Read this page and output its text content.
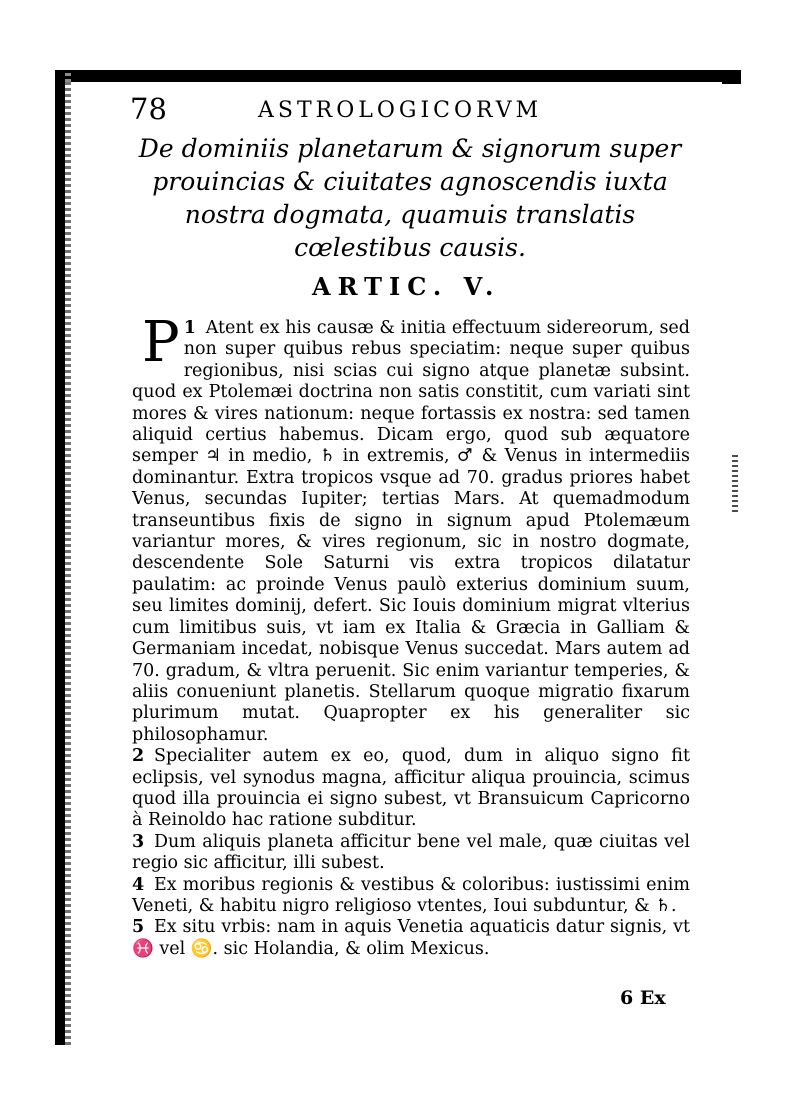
78	ASTROLOGICORVM
De dominiis planetarum & signorum super prouincias & ciuitates agnoscendis iuxta nostra dogmata, quamuis translatis cœlestibus causis.
ARTIC. V.

1
P Atent ex his causæ & initia effectuum sidereorum, sed non super quibus rebus speciatim: neque super quibus regionibus, nisi scias cui signo atque planetæ subsint. quod ex Ptolemæi doctrina non satis constitit, cum variati sint mores & vires nationum: neque fortassis ex nostra: sed tamen aliquid certius habemus. Dicam ergo, quod sub æquatore semper ♃ in medio, ♄ in extremis, ♂ & Venus in intermediis dominantur. Extra tropicos vsque ad 70. gradus priores habet Venus, secundas Iupiter; tertias Mars. At quemadmodum transeuntibus fixis de signo in signum apud Ptolemæum variantur mores, & vires regionum, sic in nostro dogmate, descendente Sole Saturni vis extra tropicos dilatatur paulatim: ac proinde Venus paulò exterius dominium suum, seu limites dominij, defert. Sic Iouis dominium migrat vlterius cum limitibus suis, vt iam ex Italia & Græcia in Galliam & Germaniam incedat, nobisque Venus succedat. Mars autem ad 70. gradum, & vltra peruenit. Sic enim variantur temperies, & aliis conueniunt planetis. Stellarum quoque migratio fixarum plurimum mutat. Quapropter ex his generaliter sic philosophamur.

2 Specialiter autem ex eo, quod, dum in aliquo signo fit eclipsis, vel synodus magna, afficitur aliqua prouincia, scimus quod illa prouincia ei signo subest, vt Bransuicum Capricorno à Reinoldo hac ratione subditur.

3 Dum aliquis planeta afficitur bene vel male, quæ ciuitas vel regio sic afficitur, illi subest.

4 Ex moribus regionis & vestibus & coloribus: iustissimi enim Veneti, & habitu nigro religioso vtentes, Ioui subduntur, & ♄.

5 Ex situ vrbis: nam in aquis Venetia aquaticis datur signis, vt ♓ vel ♋. sic Holandia, & olim Mexicus.

6 Ex
